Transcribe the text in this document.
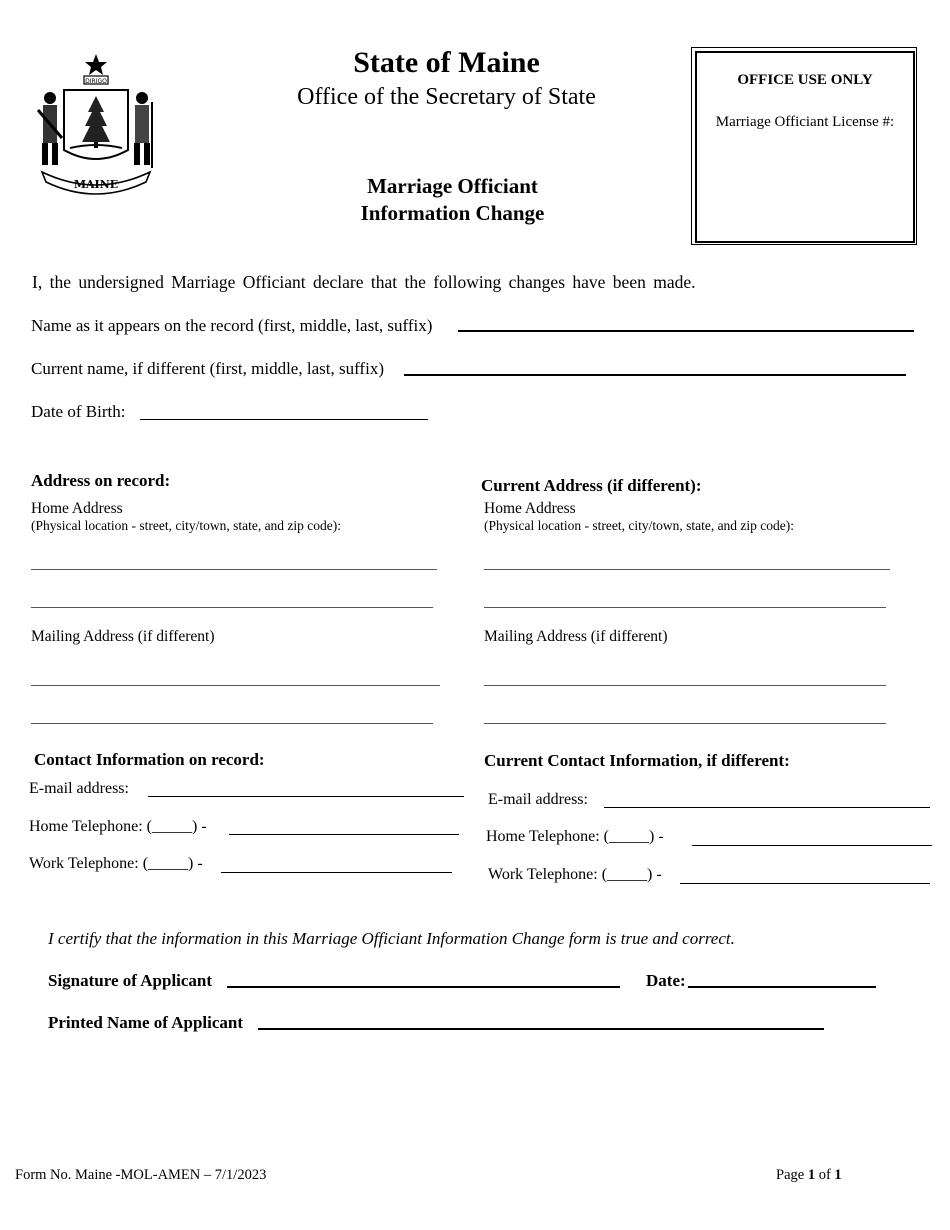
DIRIGO
MAINE
State of Maine
Office of the Secretary of State
Marriage Officiant
Information Change
OFFICE USE ONLY
Marriage Officiant License #:
I, the undersigned Marriage Officiant declare that the following changes have been made.
Name as it appears on the record (first, middle, last, suffix)
Current name, if different (first, middle, last, suffix)
Date of Birth:
Address on record:
Home Address
(Physical location - street, city/town, state, and zip code):
Mailing Address (if different)
Current Address (if different):
Home Address
(Physical location - street, city/town, state, and zip code):
Mailing Address (if different)
Contact Information on record:
E-mail address:
Home Telephone: (_____) -
Work Telephone: (_____) -
Current Contact Information, if different:
E-mail address:
Home Telephone: (_____) -
Work Telephone: (_____) -
I certify that the information in this Marriage Officiant Information Change form is true and correct.
Signature of Applicant	Date:
Printed Name of Applicant
Form No. Maine -MOL-AMEN – 7/1/2023	Page 1 of 1
